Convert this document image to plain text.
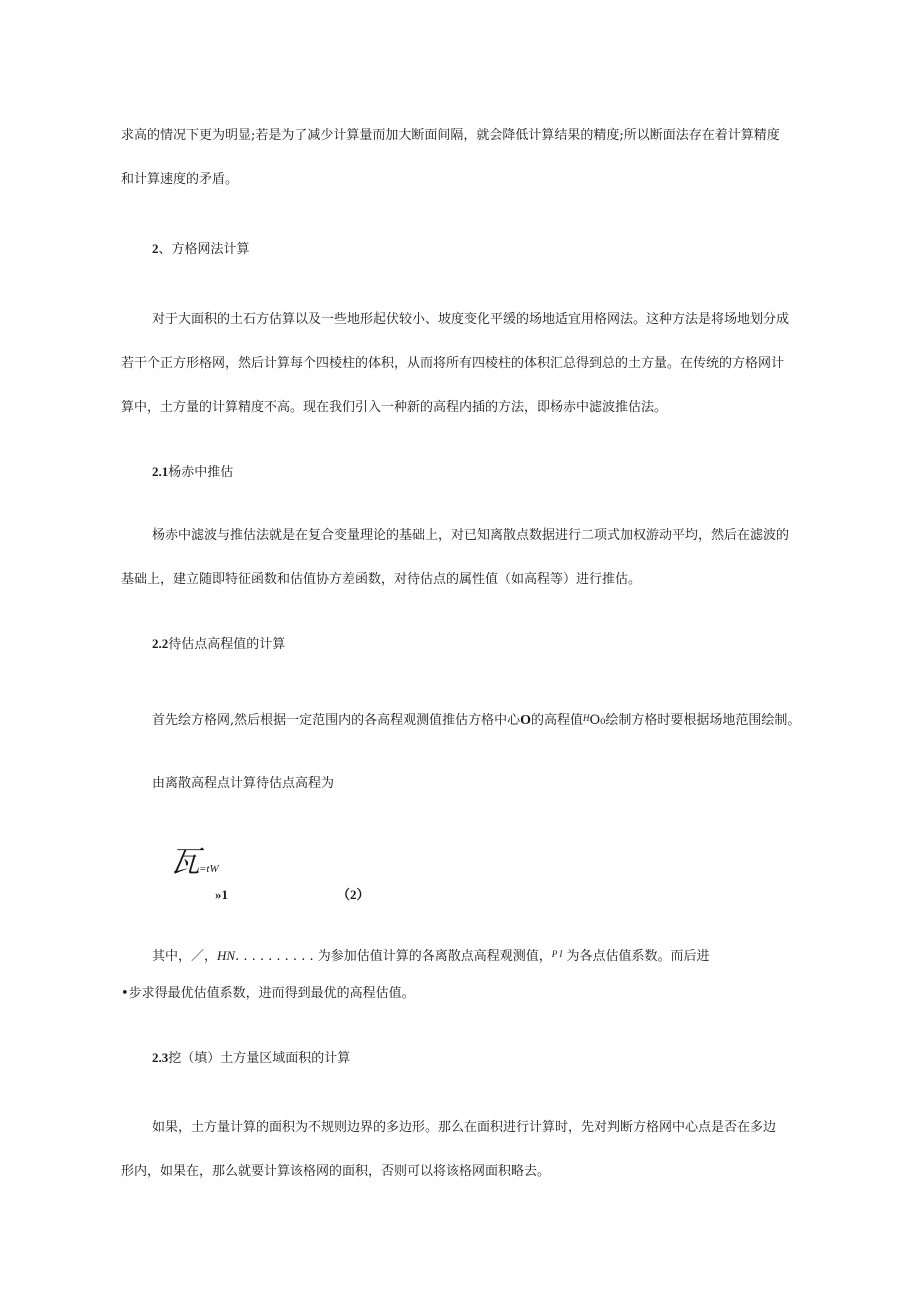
求高的情况下更为明显;若是为了减少计算量而加大断面间隔，就会降低计算结果的精度;所以断面法存在着计算精度
和计算速度的矛盾。
2、方格网法计算
对于大面积的土石方估算以及一些地形起伏较小、坡度变化平缓的场地适宜用格网法。这种方法是将场地划分成
若干个正方形格网，然后计算每个四棱柱的体积，从而将所有四棱柱的体积汇总得到总的土方量。在传统的方格网计
算中，土方量的计算精度不高。现在我们引入一种新的高程内插的方法，即杨赤中滤波推估法。
2.1杨赤中推估
杨赤中滤波与推估法就是在复合变量理论的基础上，对已知离散点数据进行二项式加权游动平均，然后在滤波的
基础上，建立随即特征函数和估值协方差函数，对待估点的属性值（如高程等）进行推估。
2.2待估点高程值的计算
首先绘方格网,然后根据一定范围内的各高程观测值推估方格中心O的高程值$^H$O₀绘制方格时要根据场地范围绘制。
由离散高程点计算待估点高程为
瓦 =tW
»1	（2）
其中，／，HN. . . . . . . . . . 为参加估值计算的各离散点高程观测值，$^{P I}$ 为各点估值系数。而后进
•步求得最优估值系数，进而得到最优的高程估值。
2.3挖（填）土方量区域面积的计算
如果，土方量计算的面积为不规则边界的多边形。那么在面积进行计算时，先对判断方格网中心点是否在多边
形内，如果在，那么就要计算该格网的面积，否则可以将该格网面积略去。
